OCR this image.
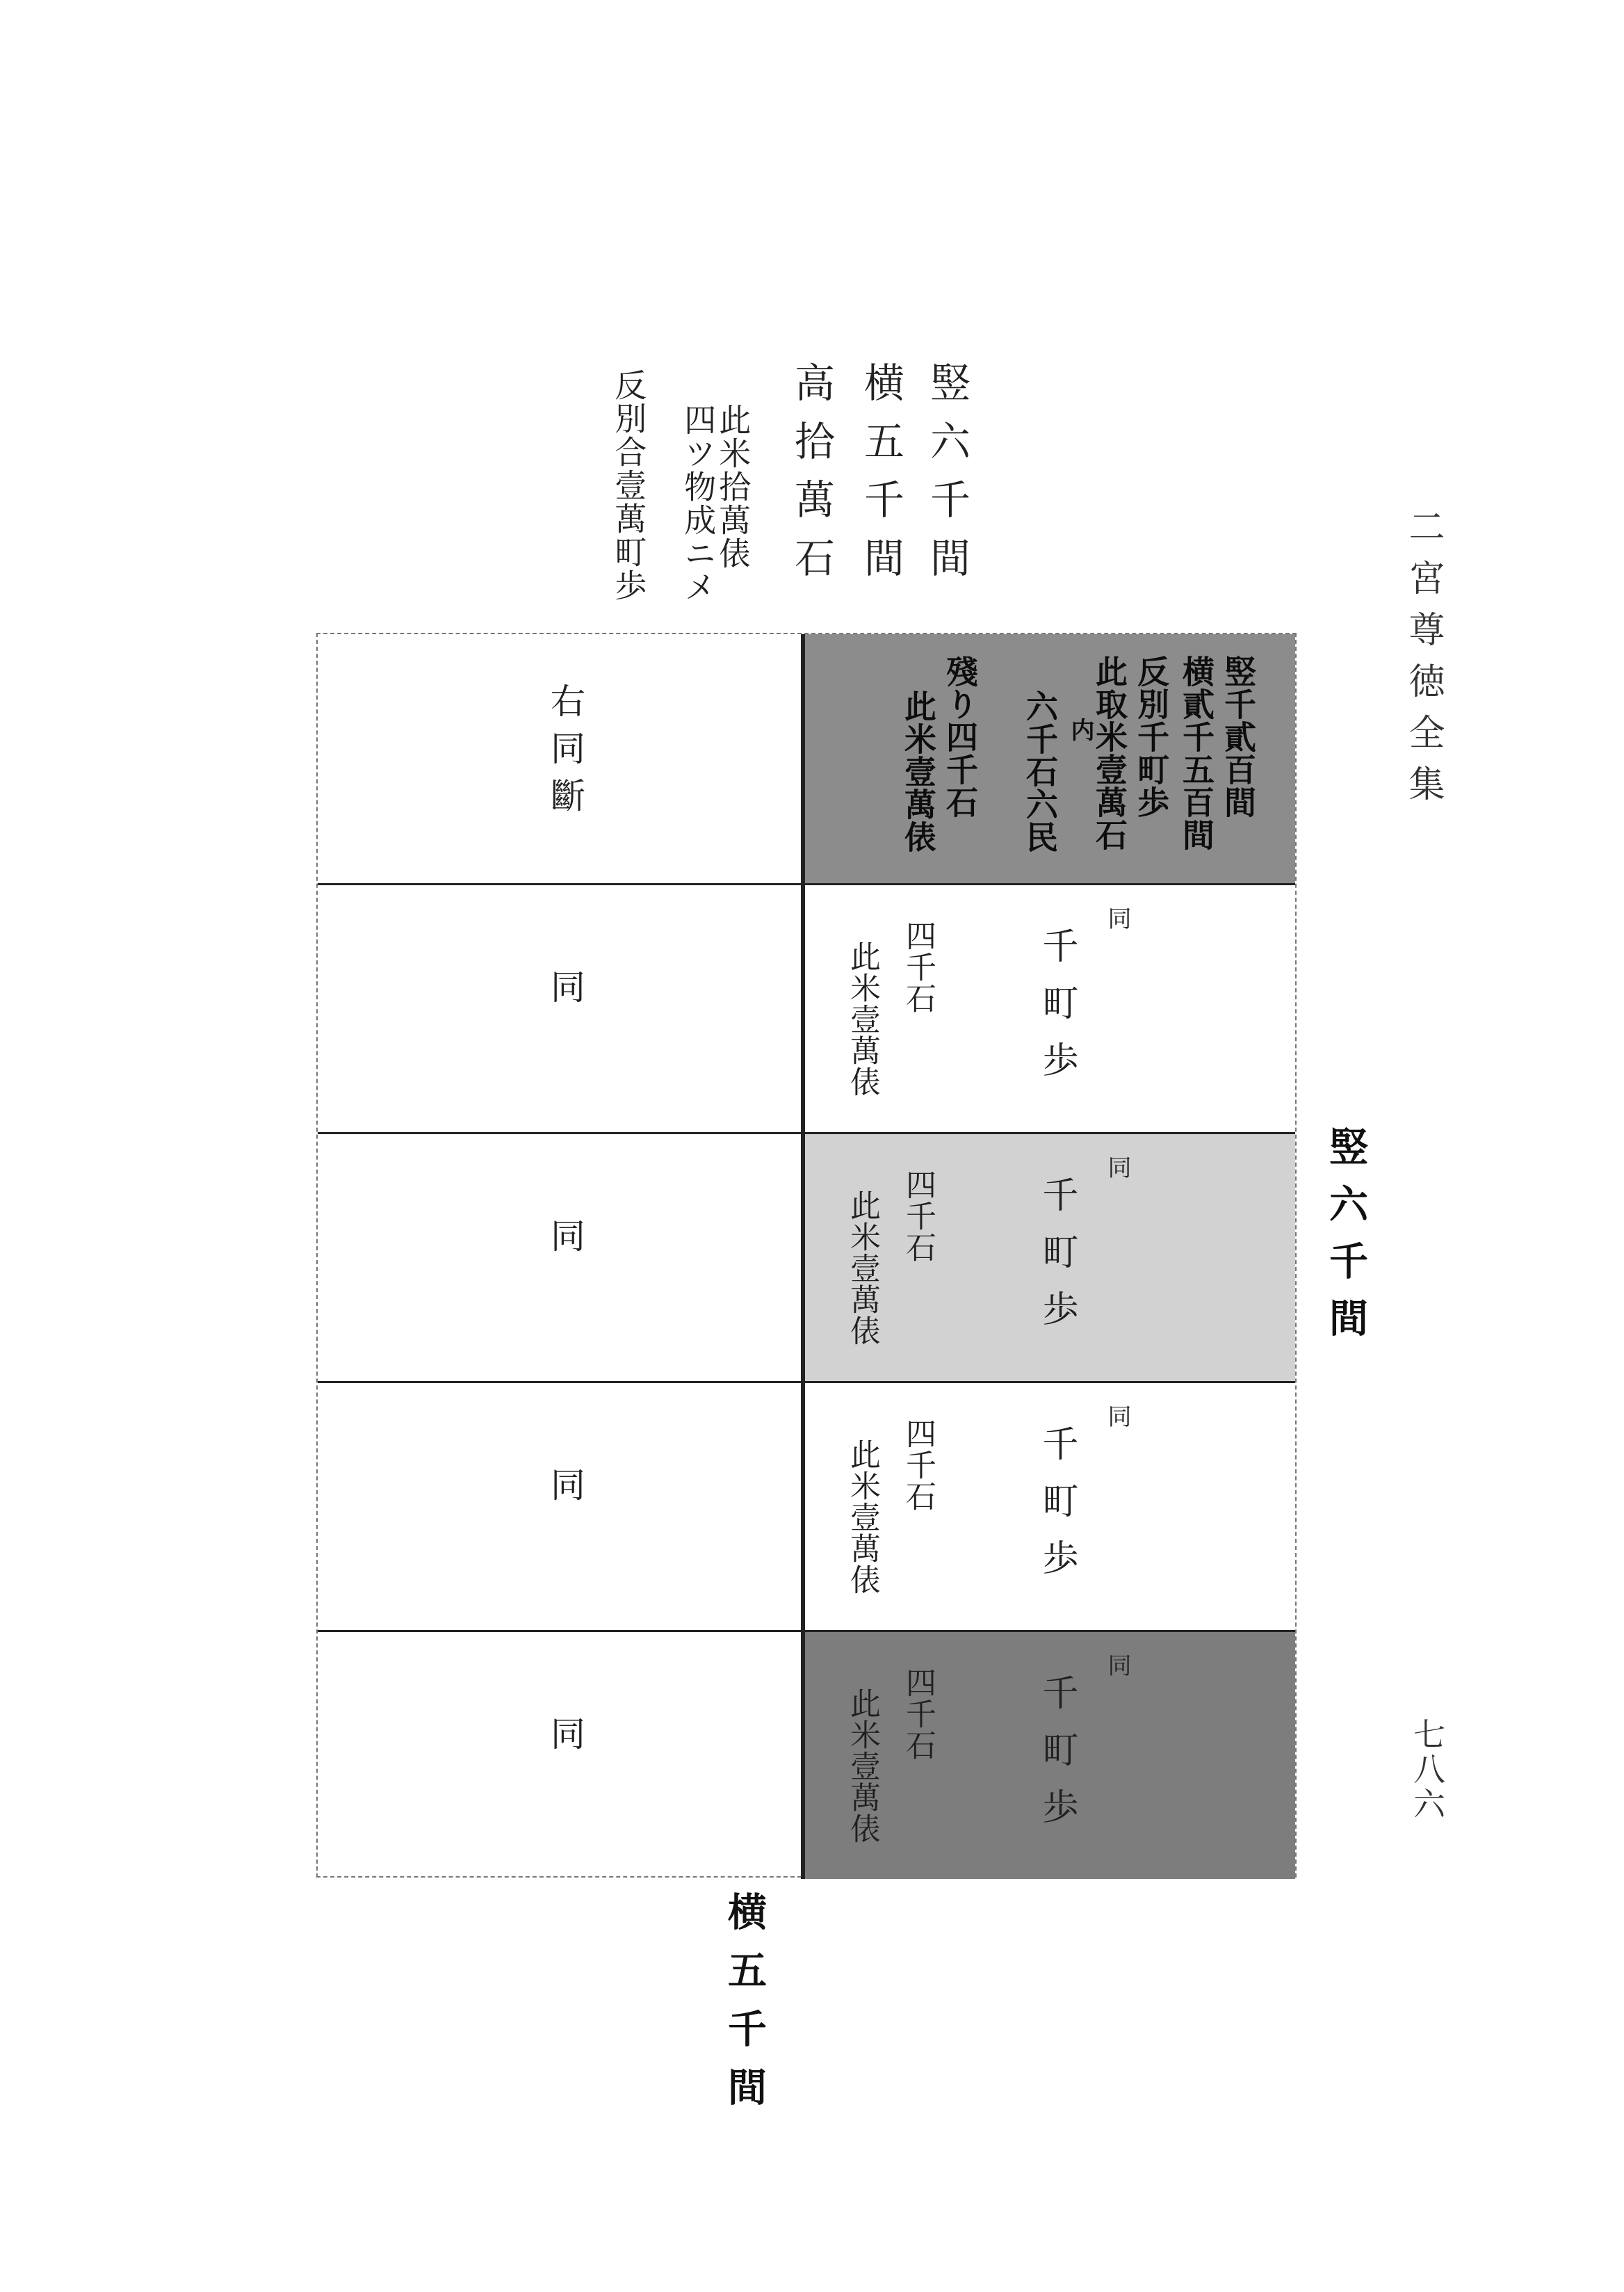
二宮尊徳全集
七八六
竪六千間
横五千間
高拾萬石
此米拾萬俵
四ツ物成ニメ
反別合壹萬町歩
竪六千間
横五千間
右同斷	竪千貳百間
横貳千五百間
反別千町歩
此取米壹萬石
内
六千石六民
殘り四千石
此米壹萬俵
同
同
千町歩
四千石
此米壹萬俵
同
同
千町歩
四千石
此米壹萬俵
同
同
千町歩
四千石
此米壹萬俵
同
同
千町歩
四千石
此米壹萬俵
